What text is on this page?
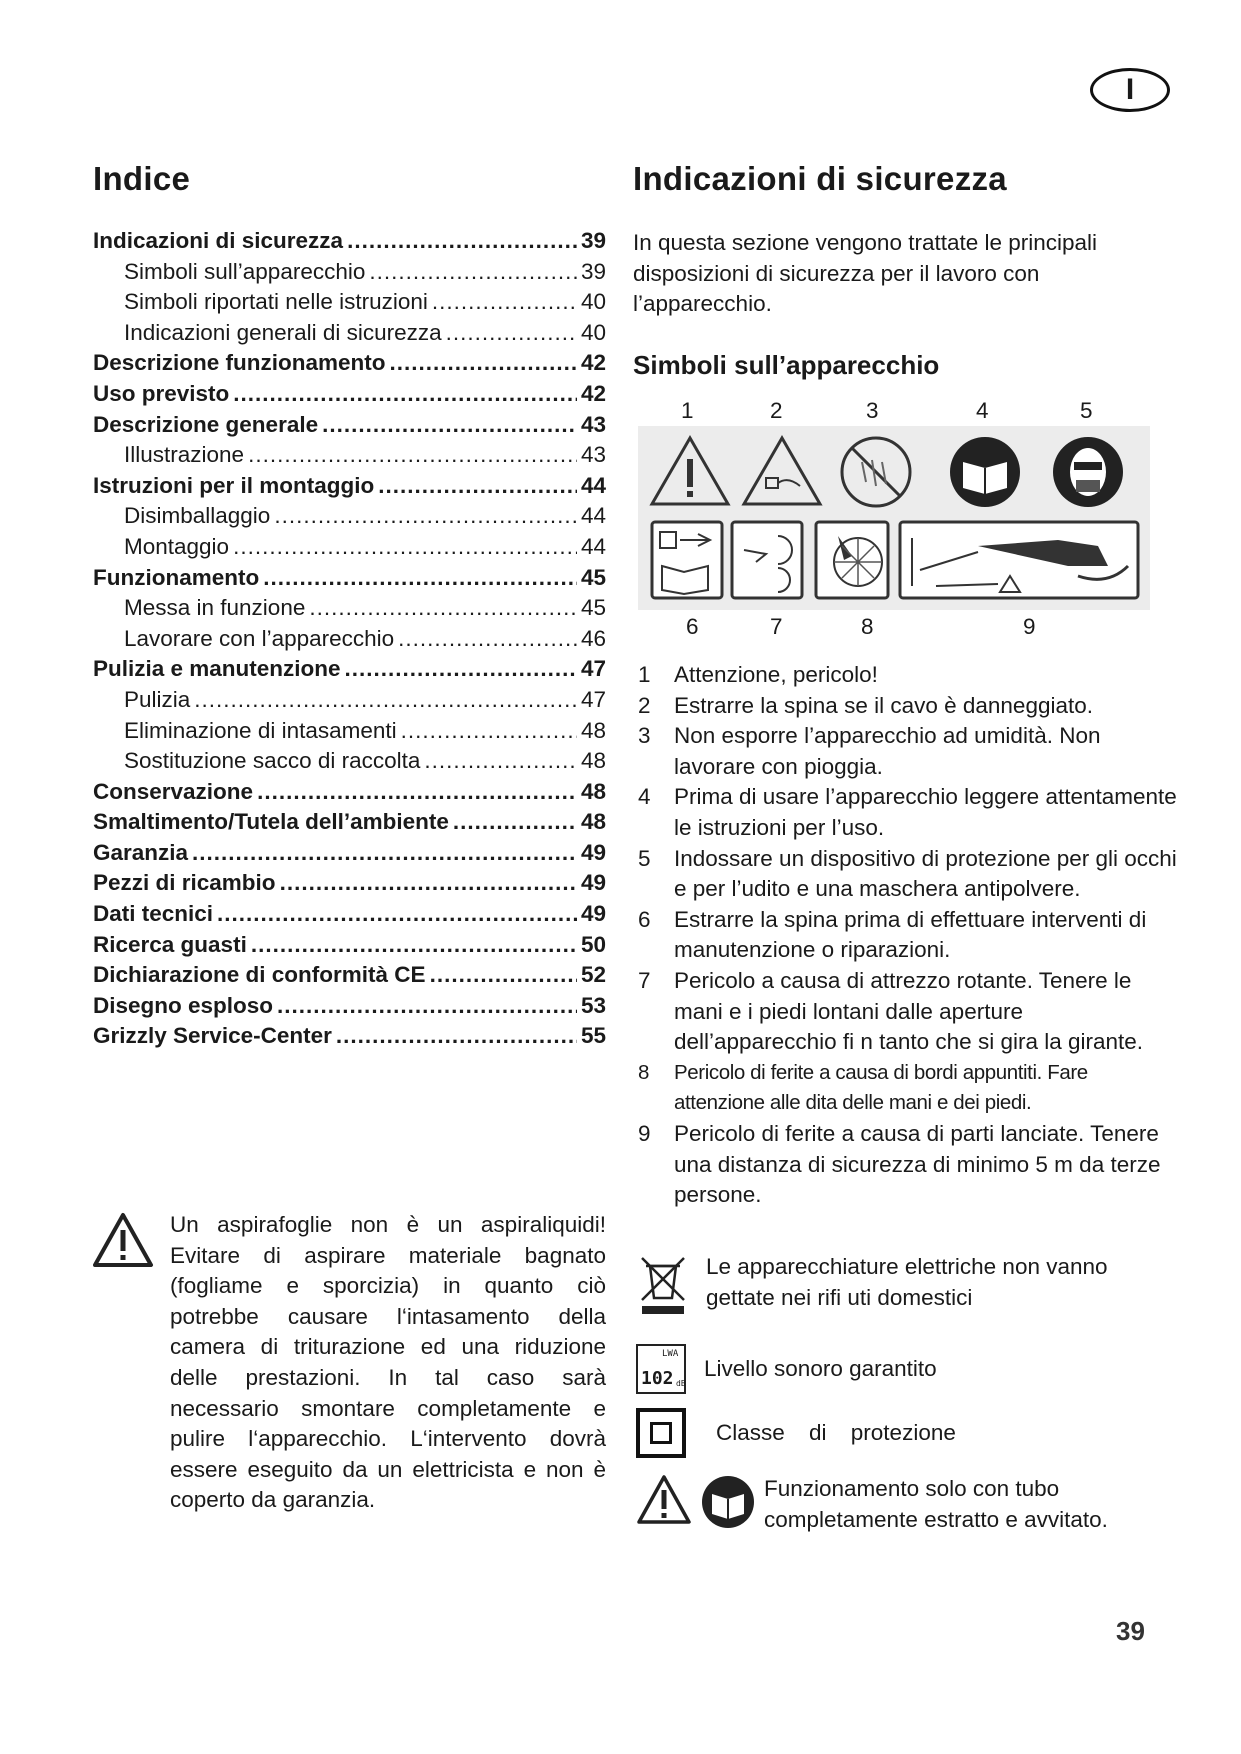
I
Indice
Indicazioni di sicurezza .....	39
Simboli sull’apparecchio .....	39
Simboli riportati nelle istruzioni .....	40
Indicazioni generali di sicurezza .....	40
Descrizione funzionamento .....	42
Uso previsto .....	42
Descrizione generale .....	43
Illustrazione .....	43
Istruzioni per il montaggio .....	44
Disimballaggio .....	44
Montaggio .....	44
Funzionamento .....	45
Messa in funzione .....	45
Lavorare con l’apparecchio .....	46
Pulizia e manutenzione .....	47
Pulizia .....	47
Eliminazione di intasamenti .....	48
Sostituzione sacco di raccolta .....	48
Conservazione .....	48
Smaltimento/Tutela dell’ambiente .....	48
Garanzia .....	49
Pezzi di ricambio .....	49
Dati tecnici .....	49
Ricerca guasti .....	50
Dichiarazione di conformità CE .....	52
Disegno esploso .....	53
Grizzly Service-Center .....	55
Un aspirafoglie non è un aspiraliquidi! Evitare di aspirare materiale bagnato (fogliame e sporcizia) in quanto ciò potrebbe causare l‘intasamento della camera di triturazione ed una riduzione delle prestazioni. In tal caso sarà necessario smontare completamente e pulire l‘apparecchio. L‘intervento dovrà essere eseguito da un elettricista e non è coperto da garanzia.
Indicazioni di sicurezza
In questa sezione vengono trattate le principali disposizioni di sicurezza per il lavoro con l’apparecchio.
Simboli sull’apparecchio
1	2	3	4	5
6	7	8	9
1	Attenzione, pericolo!
2	Estrarre la spina se il cavo è danneggiato.
3	Non esporre l’apparecchio ad umidità. Non lavorare con pioggia.
4	Prima di usare l’apparecchio leggere attentamente le istruzioni per l’uso.
5	Indossare un dispositivo di protezione per gli occhi e per l’udito e una maschera antipolvere.
6	Estrarre la spina prima di effettuare interventi di manutenzione o riparazioni.
7	Pericolo a causa di attrezzo rotante. Tenere le mani e i piedi lontani dalle aperture dell’apparecchio fi n tanto che si gira la girante.
8	Pericolo di ferite a causa di bordi appuntiti. Fare attenzione alle dita delle mani e dei piedi.
9	Pericolo di ferite a causa di parti lanciate. Tenere una distanza di sicurezza di minimo 5 m da terze persone.
Le apparecchiature elettriche non vanno gettate nei rifi uti domestici
LWA
102 dB
Livello sonoro garantito
Classe di protezione
Funzionamento solo con tubo completamente estratto e avvitato.
39
